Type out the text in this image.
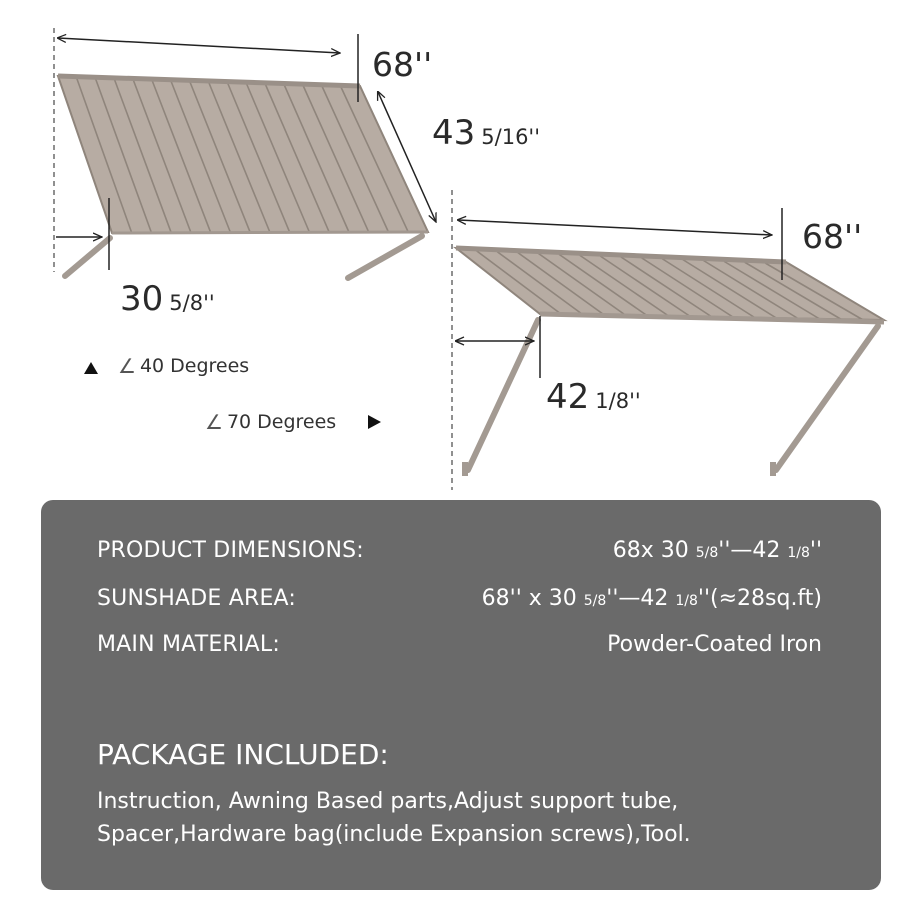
68''
43 5/16''
30 5/8''
68''
42 1/8''
∠ 40 Degrees
∠ 70 Degrees
PRODUCT DIMENSIONS:	68x 30 5/8''—42 1/8''
SUNSHADE AREA:	68'' x 30 5/8''—42 1/8''(≈28sq.ft)
MAIN MATERIAL:	Powder-Coated Iron
PACKAGE INCLUDED:
Instruction, Awning Based parts,Adjust support tube,
Spacer,Hardware bag(include Expansion screws),Tool.
